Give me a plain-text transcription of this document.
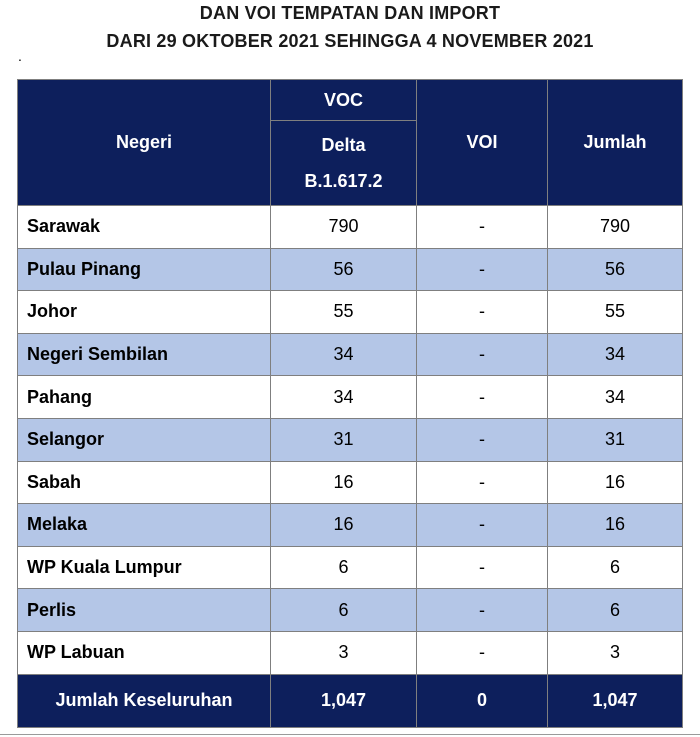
DAN VOI TEMPATAN DAN IMPORT
DARI 29 OKTOBER 2021 SEHINGGA 4 NOVEMBER 2021
.
Negeri	VOC	VOI	Jumlah
	Delta
B.1.617.2		
Sarawak	790	-	790
Pulau Pinang	56	-	56
Johor	55	-	55
Negeri Sembilan	34	-	34
Pahang	34	-	34
Selangor	31	-	31
Sabah	16	-	16
Melaka	16	-	16
WP Kuala Lumpur	6	-	6
Perlis	6	-	6
WP Labuan	3	-	3
Jumlah Keseluruhan	1,047	0	1,047
